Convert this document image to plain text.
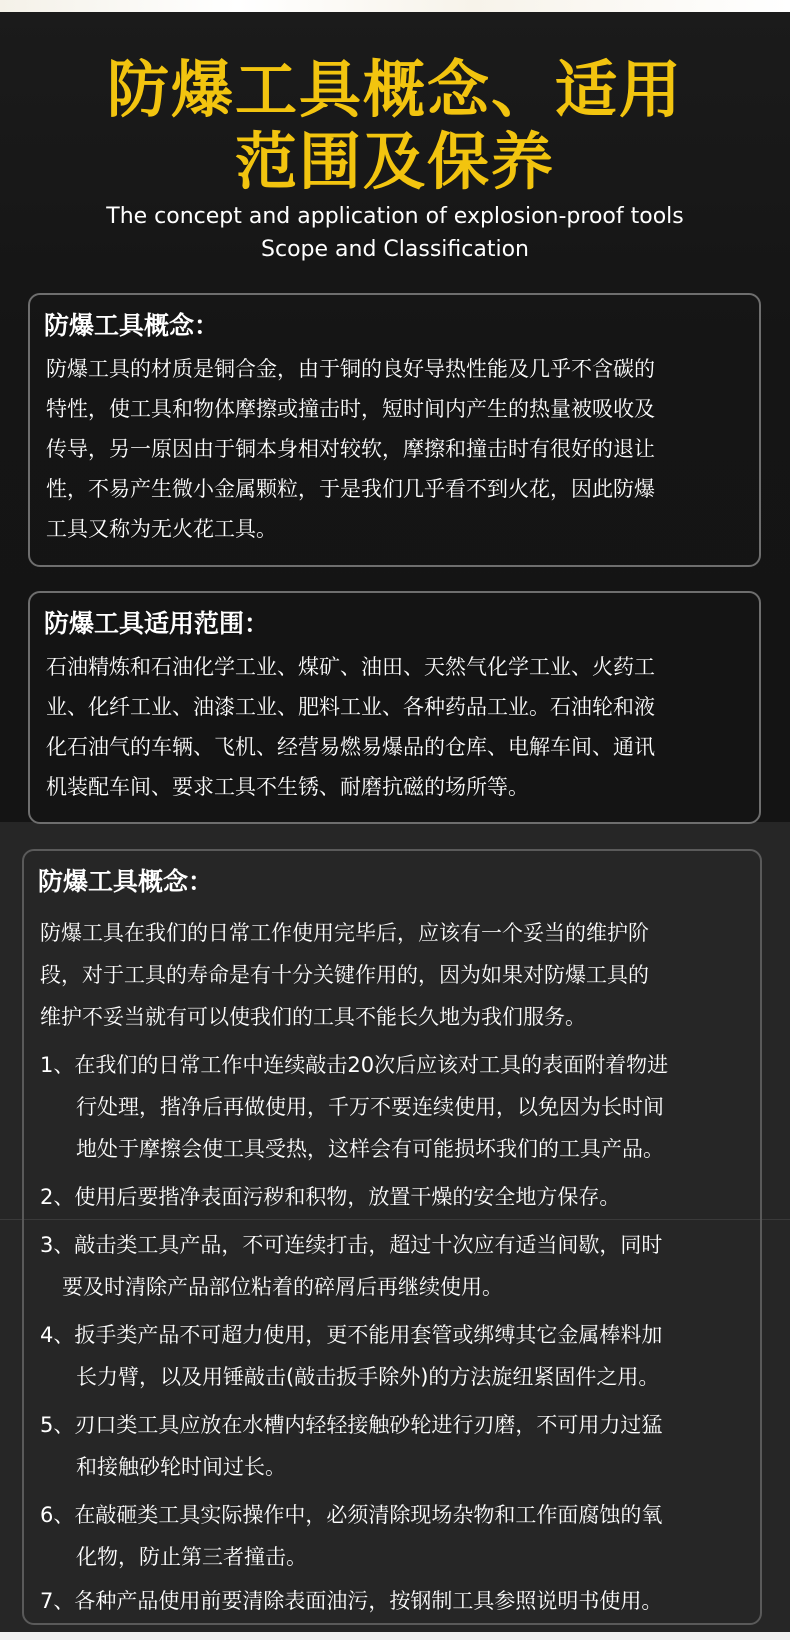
防爆工具概念、适用
范围及保养
The concept and application of explosion-proof tools
Scope and Classification
防爆工具概念：
防爆工具的材质是铜合金，由于铜的良好导热性能及几乎不含碳的
特性，使工具和物体摩擦或撞击时，短时间内产生的热量被吸收及
传导，另一原因由于铜本身相对较软，摩擦和撞击时有很好的退让
性，不易产生微小金属颗粒，于是我们几乎看不到火花，因此防爆
工具又称为无火花工具。
防爆工具适用范围：
石油精炼和石油化学工业、煤矿、油田、天然气化学工业、火药工
业、化纤工业、油漆工业、肥料工业、各种药品工业。石油轮和液
化石油气的车辆、飞机、经营易燃易爆品的仓库、电解车间、通讯
机装配车间、要求工具不生锈、耐磨抗磁的场所等。
防爆工具概念：
防爆工具在我们的日常工作使用完毕后，应该有一个妥当的维护阶
段，对于工具的寿命是有十分关键作用的，因为如果对防爆工具的
维护不妥当就有可以使我们的工具不能长久地为我们服务。
1、在我们的日常工作中连续敲击20次后应该对工具的表面附着物进
行处理，揩净后再做使用，千万不要连续使用，以免因为长时间
地处于摩擦会使工具受热，这样会有可能损坏我们的工具产品。
2、使用后要揩净表面污秽和积物，放置干燥的安全地方保存。
3、敲击类工具产品，不可连续打击，超过十次应有适当间歇，同时
要及时清除产品部位粘着的碎屑后再继续使用。
4、扳手类产品不可超力使用，更不能用套管或绑缚其它金属棒料加
长力臂，以及用锤敲击(敲击扳手除外)的方法旋纽紧固件之用。
5、刃口类工具应放在水槽内轻轻接触砂轮进行刃磨，不可用力过猛
和接触砂轮时间过长。
6、在敲砸类工具实际操作中，必须清除现场杂物和工作面腐蚀的氧
化物，防止第三者撞击。
7、各种产品使用前要清除表面油污，按钢制工具参照说明书使用。
